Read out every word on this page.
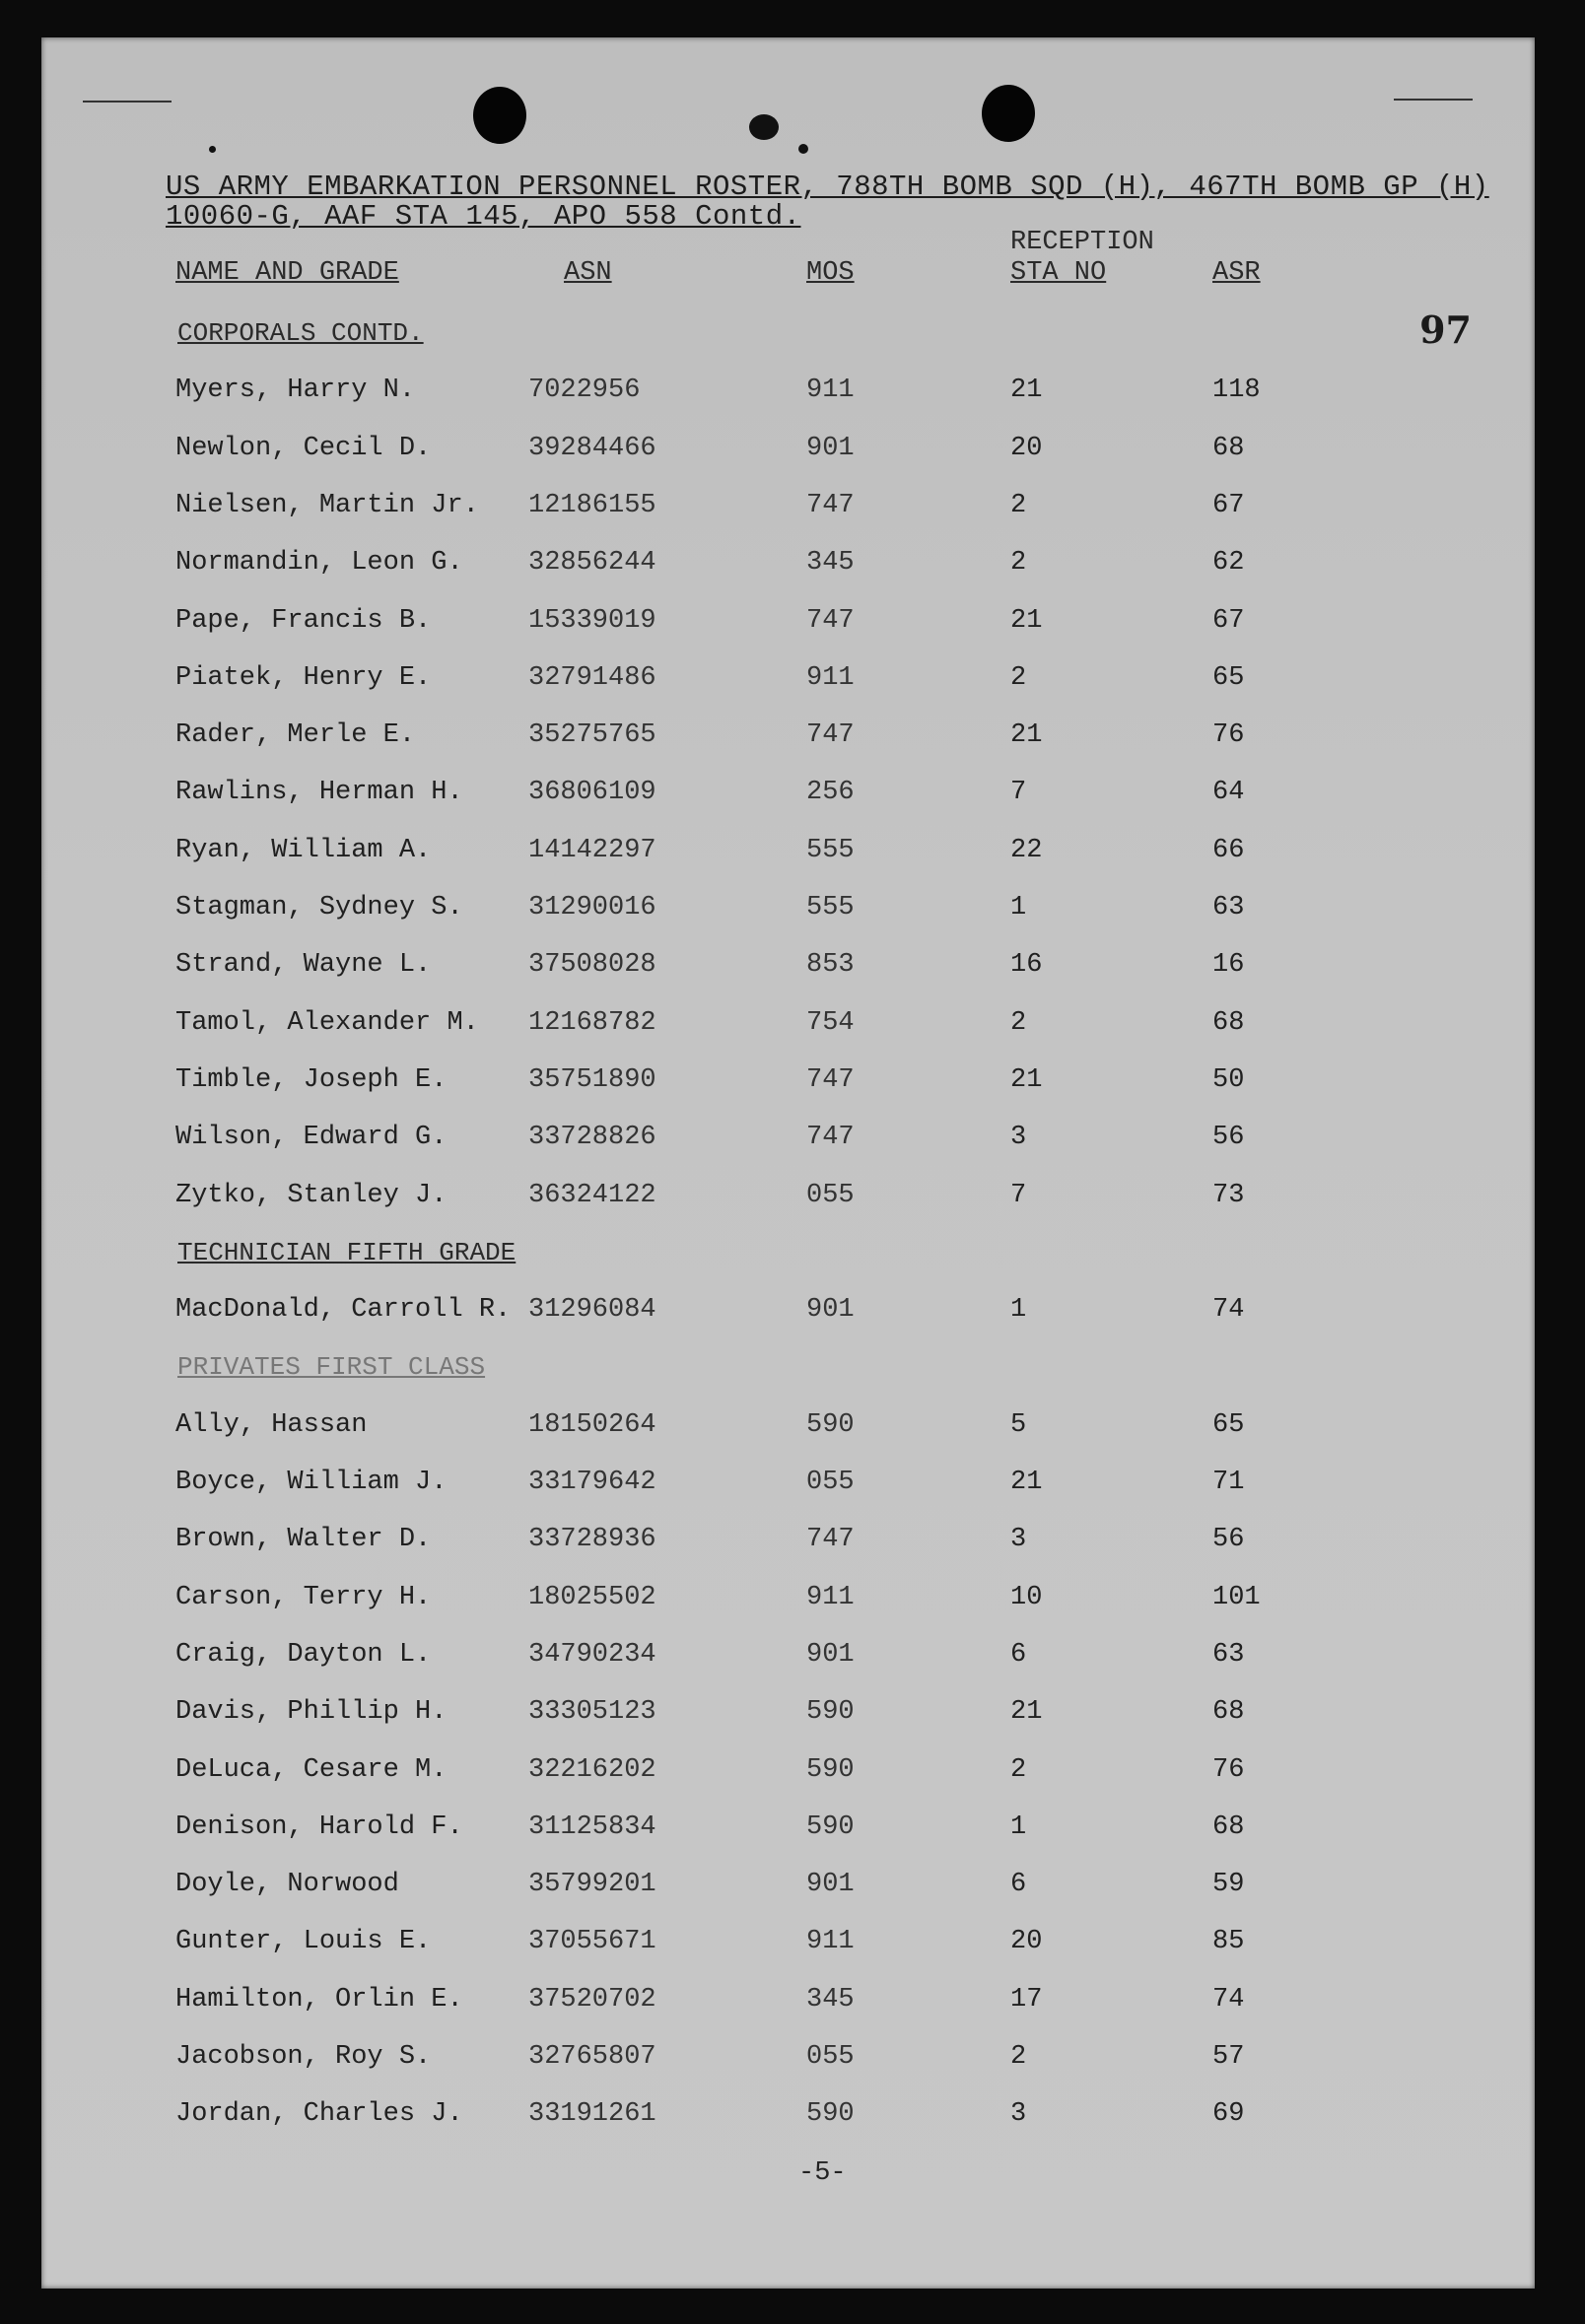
US ARMY EMBARKATION PERSONNEL ROSTER, 788TH BOMB SQD (H), 467TH BOMB GP (H)
10060-G, AAF STA 145, APO 558 Contd.
RECEPTION
NAME AND GRADE	ASN	MOS	STA NO	ASR
97
CORPORALS CONTD.
Myers, Harry N.	7022956	911	21	118
Newlon, Cecil D.	39284466	901	20	68
Nielsen, Martin Jr. 12186155	747	2	67
Normandin, Leon G. 32856244	345	2	62
Pape, Francis B.	15339019	747	21	67
Piatek, Henry E.	32791486	911	2	65
Rader, Merle E.	35275765	747	21	76
Rawlins, Herman H. 36806109	256	7	64
Ryan, William A.	14142297	555	22	66
Stagman, Sydney S. 31290016	555	1	63
Strand, Wayne L.	37508028	853	16	16
Tamol, Alexander M. 12168782	754	2	68
Timble, Joseph E.	35751890	747	21	50
Wilson, Edward G.	33728826	747	3	56
Zytko, Stanley J.	36324122	055	7	73
TECHNICIAN FIFTH GRADE
MacDonald, Carroll R. 31296084	901	1	74
PRIVATES FIRST CLASS
Ally, Hassan	18150264	590	5	65
Boyce, William J.	33179642	055	21	71
Brown, Walter D.	33728936	747	3	56
Carson, Terry H.	18025502	911	10	101
Craig, Dayton L.	34790234	901	6	63
Davis, Phillip H.	33305123	590	21	68
DeLuca, Cesare M.	32216202	590	2	76
Denison, Harold F. 31125834	590	1	68
Doyle, Norwood	35799201	901	6	59
Gunter, Louis E.	37055671	911	20	85
Hamilton, Orlin E. 37520702	345	17	74
Jacobson, Roy S.	32765807	055	2	57
Jordan, Charles J. 33191261	590	3	69
-5-
